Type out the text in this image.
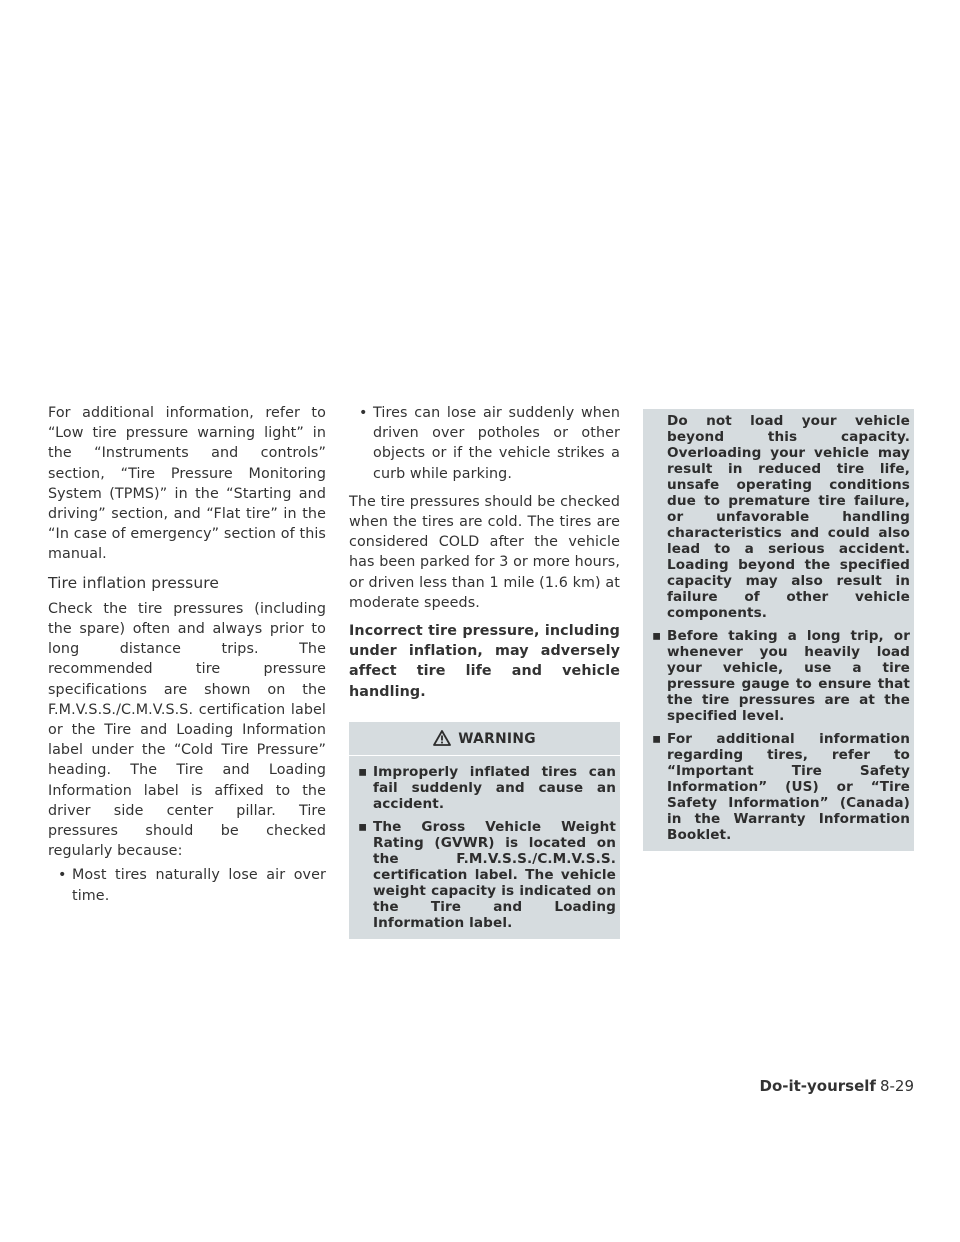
For additional information, refer to “Low tire pressure warning light” in the “Instruments and controls” section, “Tire Pressure Monitoring System (TPMS)” in the “Starting and driving” section, and “Flat tire” in the “In case of emergency” section of this manual.

Tire inflation pressure

Check the tire pressures (including the spare) often and always prior to long distance trips. The recommended tire pressure specifications are shown on the F.M.V.S.S./C.M.V.S.S. certification label or the Tire and Loading Information label under the “Cold Tire Pressure” heading. The Tire and Loading Information label is affixed to the driver side center pillar. Tire pressures should be checked regularly because:

• Most tires naturally lose air over time.
• Tires can lose air suddenly when driven over potholes or other objects or if the vehicle strikes a curb while parking.

The tire pressures should be checked when the tires are cold. The tires are considered COLD after the vehicle has been parked for 3 or more hours, or driven less than 1 mile (1.6 km) at moderate speeds.

Incorrect tire pressure, including under inflation, may adversely affect tire life and vehicle handling.

WARNING
▪ Improperly inflated tires can fail suddenly and cause an accident.
▪ The Gross Vehicle Weight Rating (GVWR) is located on the F.M.V.S.S./C.M.V.S.S. certification label. The vehicle weight capacity is indicated on the Tire and Loading Information label.

Do not load your vehicle beyond this capacity. Overloading your vehicle may result in reduced tire life, unsafe operating conditions due to premature tire failure, or unfavorable handling characteristics and could also lead to a serious accident. Loading beyond the specified capacity may also result in failure of other vehicle components.

▪ Before taking a long trip, or whenever you heavily load your vehicle, use a tire pressure gauge to ensure that the tire pressures are at the specified level.
▪ For additional information regarding tires, refer to “Important Tire Safety Information” (US) or “Tire Safety Information” (Canada) in the Warranty Information Booklet.
Do-it-yourself 8-29
